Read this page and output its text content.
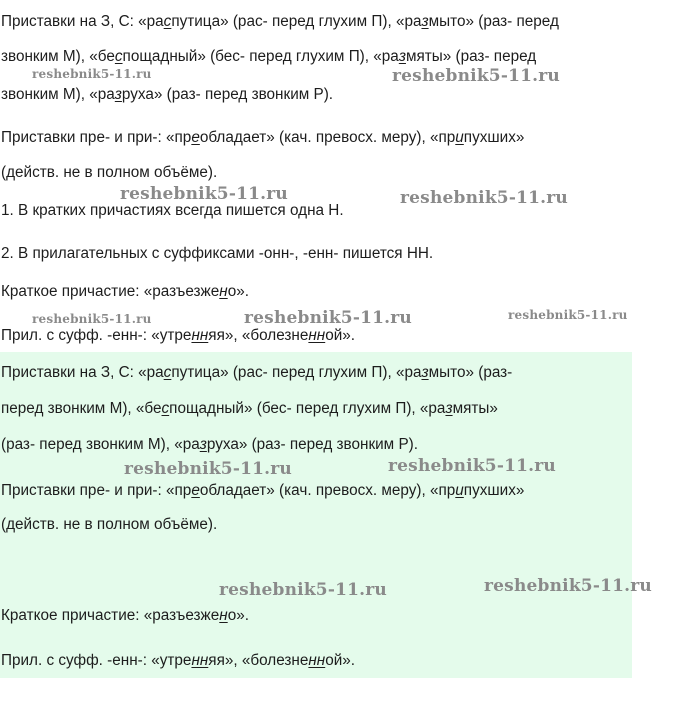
Приставки на З, С: «распутица» (рас- перед глухим П), «размыто» (раз- перед
звонким М), «беспощадный» (бес- перед глухим П), «размяты» (раз- перед
звонким М), «разруха» (раз- перед звонким Р).
Приставки пре- и при-: «преобладает» (кач. превосх. меру), «припухших»
(действ. не в полном объёме).
1. В кратких причастиях всегда пишется одна Н.
2. В прилагательных с суффиксами -онн-, -енн- пишется НН.
Краткое причастие: «разъезжено».
Прил. с суфф. -енн-: «утренняя», «болезненной».
Приставки на З, С: «распутица» (рас- перед глухим П), «размыто» (раз-
перед звонким М), «беспощадный» (бес- перед глухим П), «размяты»
(раз- перед звонким М), «разруха» (раз- перед звонким Р).
Приставки пре- и при-: «преобладает» (кач. превосх. меру), «припухших»
(действ. не в полном объёме).
Краткое причастие: «разъезжено».
Прил. с суфф. -енн-: «утренняя», «болезненной».
reshebnik5-11.ru	reshebnik5-11.ru
reshebnik5-11.ru	reshebnik5-11.ru
reshebnik5-11.ru	reshebnik5-11.ru	reshebnik5-11.ru
reshebnik5-11.ru	reshebnik5-11.ru
reshebnik5-11.ru	reshebnik5-11.ru
